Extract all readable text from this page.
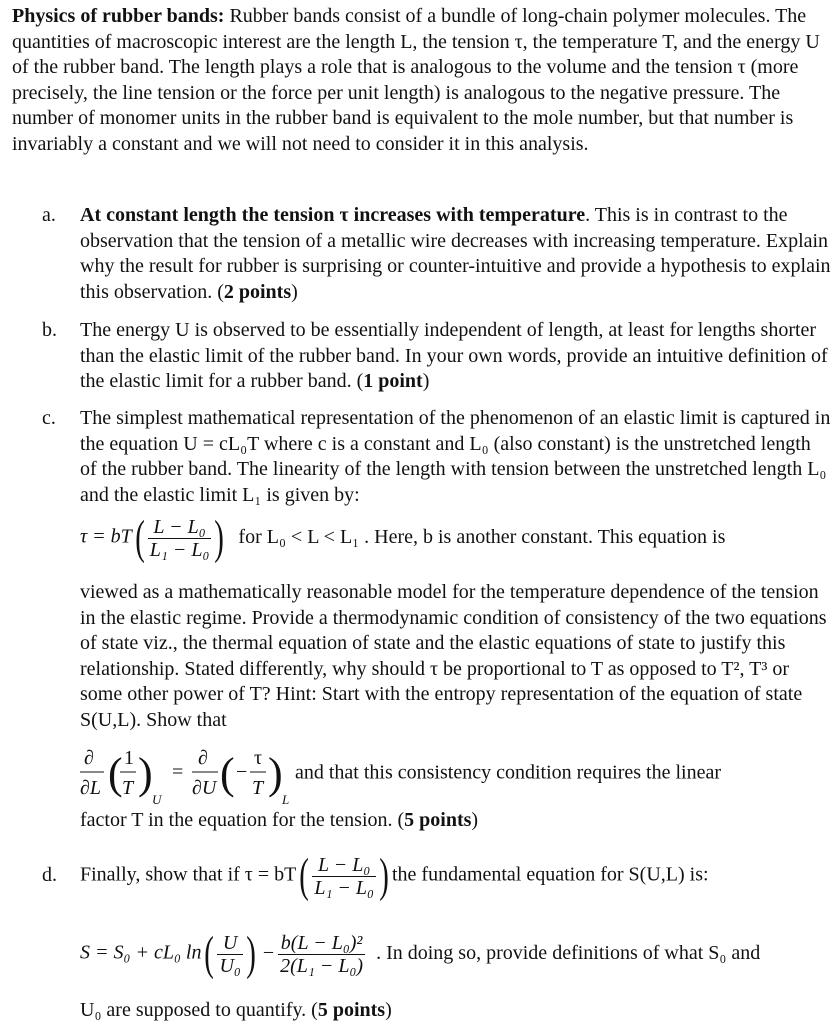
Physics of rubber bands: Rubber bands consist of a bundle of long-chain polymer molecules. The quantities of macroscopic interest are the length L, the tension τ, the temperature T, and the energy U of the rubber band. The length plays a role that is analogous to the volume and the tension τ (more precisely, the line tension or the force per unit length) is analogous to the negative pressure. The number of monomer units in the rubber band is equivalent to the mole number, but that number is invariably a constant and we will not need to consider it in this analysis.
a.	At constant length the tension τ increases with temperature. This is in contrast to the observation that the tension of a metallic wire decreases with increasing temperature. Explain why the result for rubber is surprising or counter-intuitive and provide a hypothesis to explain this observation. (2 points)
b.	The energy U is observed to be essentially independent of length, at least for lengths shorter than the elastic limit of the rubber band. In your own words, provide an intuitive definition of the elastic limit for a rubber band. (1 point)
c.	The simplest mathematical representation of the phenomenon of an elastic limit is captured in the equation U = cL₀T where c is a constant and L₀ (also constant) is the unstretched length of the rubber band. The linearity of the length with tension between the unstretched length L₀ and the elastic limit L₁ is given by:
$\tau = bT( \frac{\text{L − L₀}}{\text{L₁ − L₀}}$ ) for L₀ < L < L₁ . Here, b is another constant. This equation is
viewed as a mathematically reasonable model for the temperature dependence of the tension in the elastic regime. Provide a thermodynamic condition of consistency of the two equations of state viz., the thermal equation of state and the elastic equations of state to justify this relationship. Stated differently, why should τ be proportional to T as opposed to T², T³ or some other power of T? Hint: Start with the entropy representation of the equation of state S(U,L). Show that
∂
∂L ( 1
T )
U
=
∂
∂U ( −
τ
T )
L
and that this consistency condition requires the linear
factor T in the equation for the tension. (5 points)
d. Finally, show that if $\tau = bT( \frac{\text{L − L₀}}{\text{L₁ − L₀}}$ ) the fundamental equation for S(U,L) is:
S = S₀ + cL₀ $\ln( \frac{U}{\text{U₀}}$ ) − $\frac{\text{b(L − L₀)²}}{\text{2(L₁ − L₀)}}$ . In doing so, provide definitions of what S₀ and
U₀ are supposed to quantify. (5 points)
